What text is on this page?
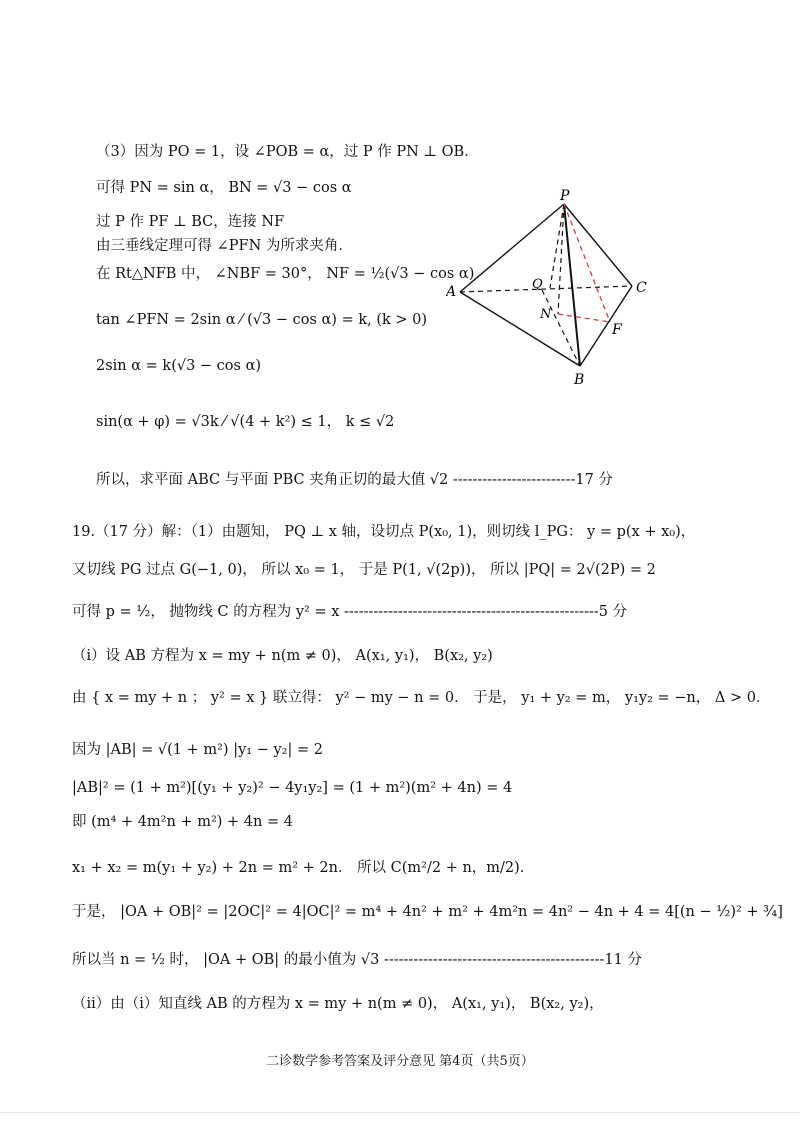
（3）因为 PO = 1，设 ∠POB = α，过 P 作 PN ⊥ OB．
可得 PN = sin α， BN = √3 − cos α
过 P 作 PF ⊥ BC，连接 NF
由三垂线定理可得 ∠PFN 为所求夹角．
在 Rt△NFB 中， ∠NBF = 30°， NF = ½(√3 − cos α)
tan ∠PFN = 2sin α ⁄ (√3 − cos α) = k, (k > 0)
2sin α = k(√3 − cos α)
sin(α + φ) = √3k ⁄ √(4 + k²) ≤ 1， k ≤ √2
所以，求平面 ABC 与平面 PBC 夹角正切的最大值 √2 -------------------------17 分
P
A	Q	C
N
F
B
19.（17 分）解：（1）由题知， PQ ⊥ x 轴，设切点 P(x₀, 1)，则切线 l_PG： y = p(x + x₀)，
又切线 PG 过点 G(−1, 0)， 所以 x₀ = 1， 于是 P(1, √(2p))， 所以 |PQ| = 2√(2P) = 2
可得 p = ½， 抛物线 C 的方程为 y² = x ----------------------------------------------------5 分
（i）设 AB 方程为 x = my + n(m ≠ 0)， A(x₁, y₁)， B(x₂, y₂)
由 { x = my + n ； y² = x } 联立得： y² − my − n = 0． 于是， y₁ + y₂ = m， y₁y₂ = −n， Δ > 0．
因为 |AB| = √(1 + m²) |y₁ − y₂| = 2
|AB|² = (1 + m²)[(y₁ + y₂)² − 4y₁y₂] = (1 + m²)(m² + 4n) = 4
即 (m⁴ + 4m²n + m²) + 4n = 4
x₁ + x₂ = m(y₁ + y₂) + 2n = m² + 2n． 所以 C(m²/2 + n，m/2)．
于是， |OA + OB|² = |2OC|² = 4|OC|² = m⁴ + 4n² + m² + 4m²n = 4n² − 4n + 4 = 4[(n − ½)² + ¾]
所以当 n = ½ 时， |OA + OB| 的最小值为 √3 ---------------------------------------------11 分
（ii）由（i）知直线 AB 的方程为 x = my + n(m ≠ 0)， A(x₁, y₁)， B(x₂, y₂)，
二诊数学参考答案及评分意见 第4页（共5页）
